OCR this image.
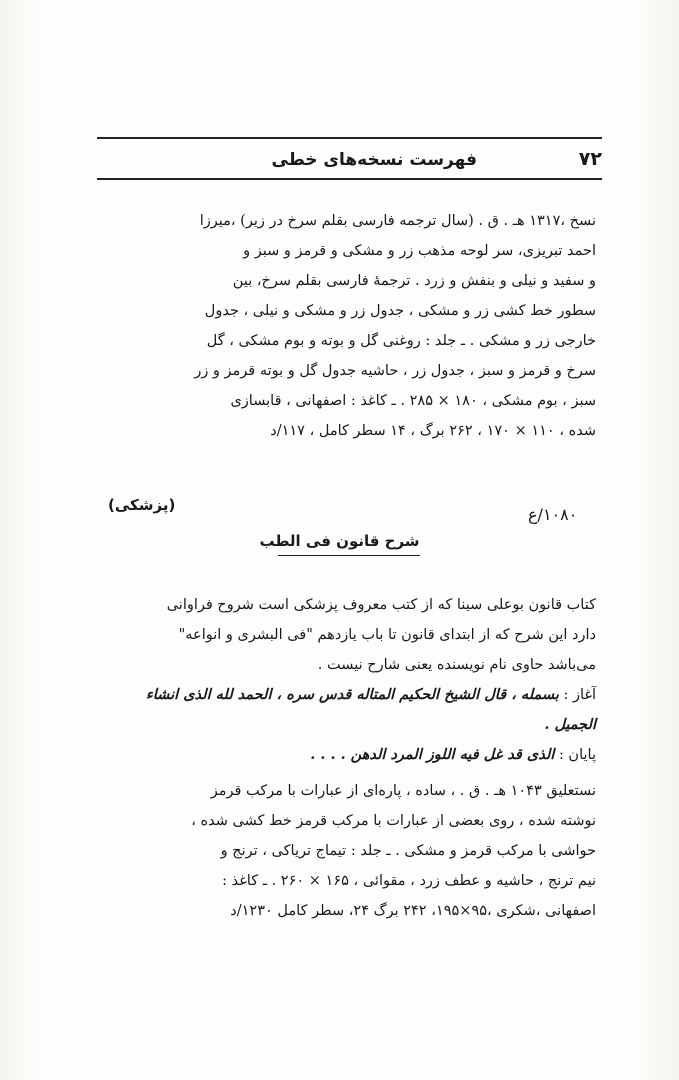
۷۲
فهرست نسخه‌های خطی
نسخ ،۱۳۱۷ هـ . ق . (سال ترجمه فارسی بقلم سرخ در زیر) ،میرزا
احمد تبریزی، سر لوحه مذهب زر و مشکی و قرمز و سبز و
و سفید و نیلی و بنفش و زرد . ترجمه‌ٔ فارسی بقلم سرخ، بین
سطور خط کشی زر و مشکی ، جدول زر و مشکی و نیلی ، جدول
خارجی زر و مشکی . ـ جلد : روغنی گل و بوته و بوم مشکی ، گل
سرخ و قرمز و سبز ، جدول زر ، حاشیه جدول گل و بوته قرمز و زر
سبز ، بوم مشکی ، ۱۸۰ × ۲۸۵ . ـ کاغذ : اصفهانی ، قابسازی
شده ، ۱۱۰ × ۱۷۰ ، ۲۶۲ برگ ، ۱۴ سطر کامل ، ۱۱۷/د
۱۰۸۰/ع
(پزشکی)
شرح قانون فی الطب
کتاب قانون بوعلی سینا که از کتب معروف پزشکی است شروح فراوانی
دارد این شرح که از ابتدای قانون تا باب یازدهم "فی البشری و انواعه"
می‌باشد حاوی نام نویسنده یعنی شارح نیست .
آغاز : بسمله ، قال الشیخ الحکیم المتاله قدس سره ، الحمد لله الذی انشاء
الجمیل .
پایان : الذی قد غل فیه اللوز المرد الدهن . . . .
نستعلیق ۱۰۴۳ هـ . ق . ، ساده ، پاره‌ای از عبارات با مرکب قرمز
نوشته شده ، روی بعضی از عبارات با مرکب قرمز خط کشی شده ،
حواشی با مرکب قرمز و مشکی . ـ جلد : تیماج تریاکی ، ترنج و
نیم ترنج ، حاشیه و عطف زرد ، مقوائی ، ۱۶۵ × ۲۶۰ . ـ کاغذ :
اصفهانی ،شکری ،۹۵×۱۹۵، ۲۴۲ برگ ۲۴، سطر کامل ۱۲۳۰/د
